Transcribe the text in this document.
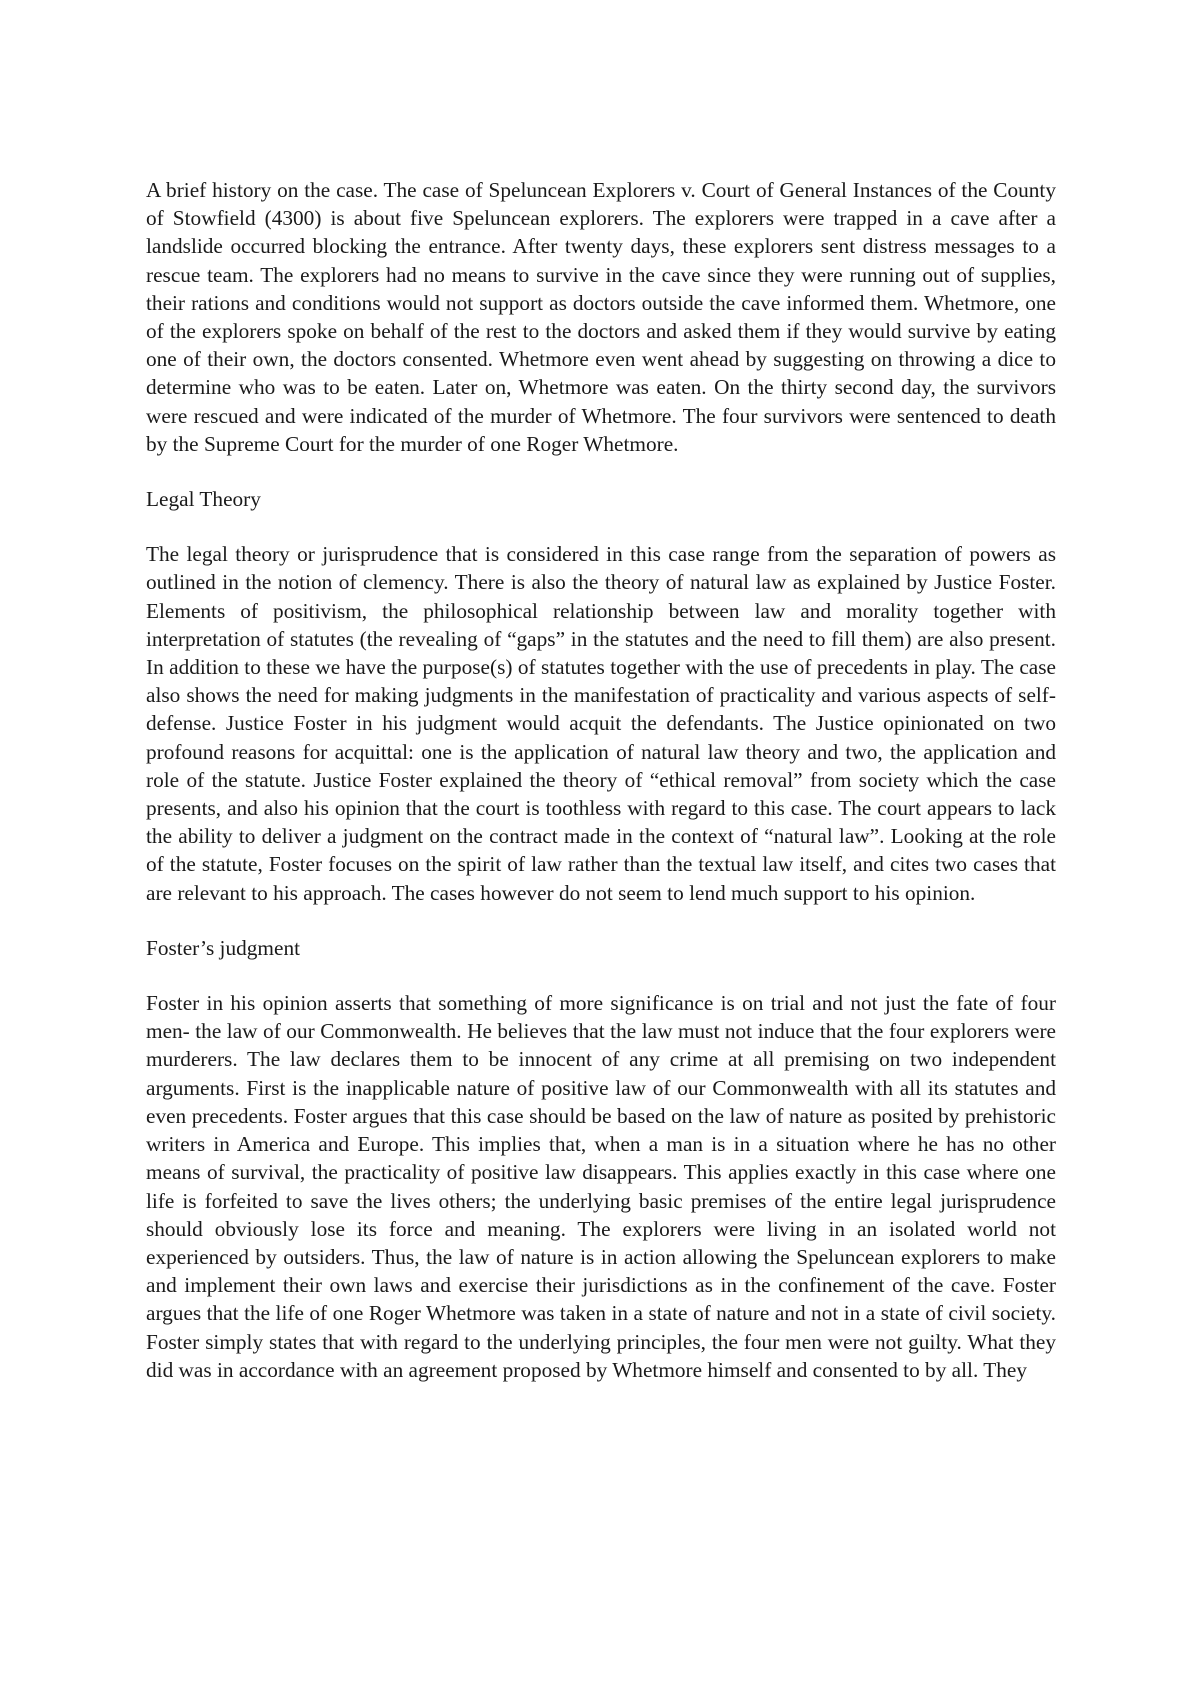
A brief history on the case. The case of Speluncean Explorers v. Court of General Instances of the County of Stowfield (4300) is about five Speluncean explorers. The explorers were trapped in a cave after a landslide occurred blocking the entrance. After twenty days, these explorers sent distress messages to a rescue team. The explorers had no means to survive in the cave since they were running out of supplies, their rations and conditions would not support as doctors outside the cave informed them. Whetmore, one of the explorers spoke on behalf of the rest to the doctors and asked them if they would survive by eating one of their own, the doctors consented. Whetmore even went ahead by suggesting on throwing a dice to determine who was to be eaten. Later on, Whetmore was eaten. On the thirty second day, the survivors were rescued and were indicated of the murder of Whetmore. The four survivors were sentenced to death by the Supreme Court for the murder of one Roger Whetmore.

Legal Theory

The legal theory or jurisprudence that is considered in this case range from the separation of powers as outlined in the notion of clemency. There is also the theory of natural law as explained by Justice Foster. Elements of positivism, the philosophical relationship between law and morality together with interpretation of statutes (the revealing of “gaps” in the statutes and the need to fill them) are also present. In addition to these we have the purpose(s) of statutes together with the use of precedents in play. The case also shows the need for making judgments in the manifestation of practicality and various aspects of self-defense. Justice Foster in his judgment would acquit the defendants. The Justice opinionated on two profound reasons for acquittal: one is the application of natural law theory and two, the application and role of the statute. Justice Foster explained the theory of “ethical removal” from society which the case presents, and also his opinion that the court is toothless with regard to this case. The court appears to lack the ability to deliver a judgment on the contract made in the context of “natural law”. Looking at the role of the statute, Foster focuses on the spirit of law rather than the textual law itself, and cites two cases that are relevant to his approach. The cases however do not seem to lend much support to his opinion.

Foster’s judgment

Foster in his opinion asserts that something of more significance is on trial and not just the fate of four men- the law of our Commonwealth. He believes that the law must not induce that the four explorers were murderers. The law declares them to be innocent of any crime at all premising on two independent arguments. First is the inapplicable nature of positive law of our Commonwealth with all its statutes and even precedents. Foster argues that this case should be based on the law of nature as posited by prehistoric writers in America and Europe. This implies that, when a man is in a situation where he has no other means of survival, the practicality of positive law disappears. This applies exactly in this case where one life is forfeited to save the lives others; the underlying basic premises of the entire legal jurisprudence should obviously lose its force and meaning. The explorers were living in an isolated world not experienced by outsiders. Thus, the law of nature is in action allowing the Speluncean explorers to make and implement their own laws and exercise their jurisdictions as in the confinement of the cave. Foster argues that the life of one Roger Whetmore was taken in a state of nature and not in a state of civil society. Foster simply states that with regard to the underlying principles, the four men were not guilty. What they did was in accordance with an agreement proposed by Whetmore himself and consented to by all. They
